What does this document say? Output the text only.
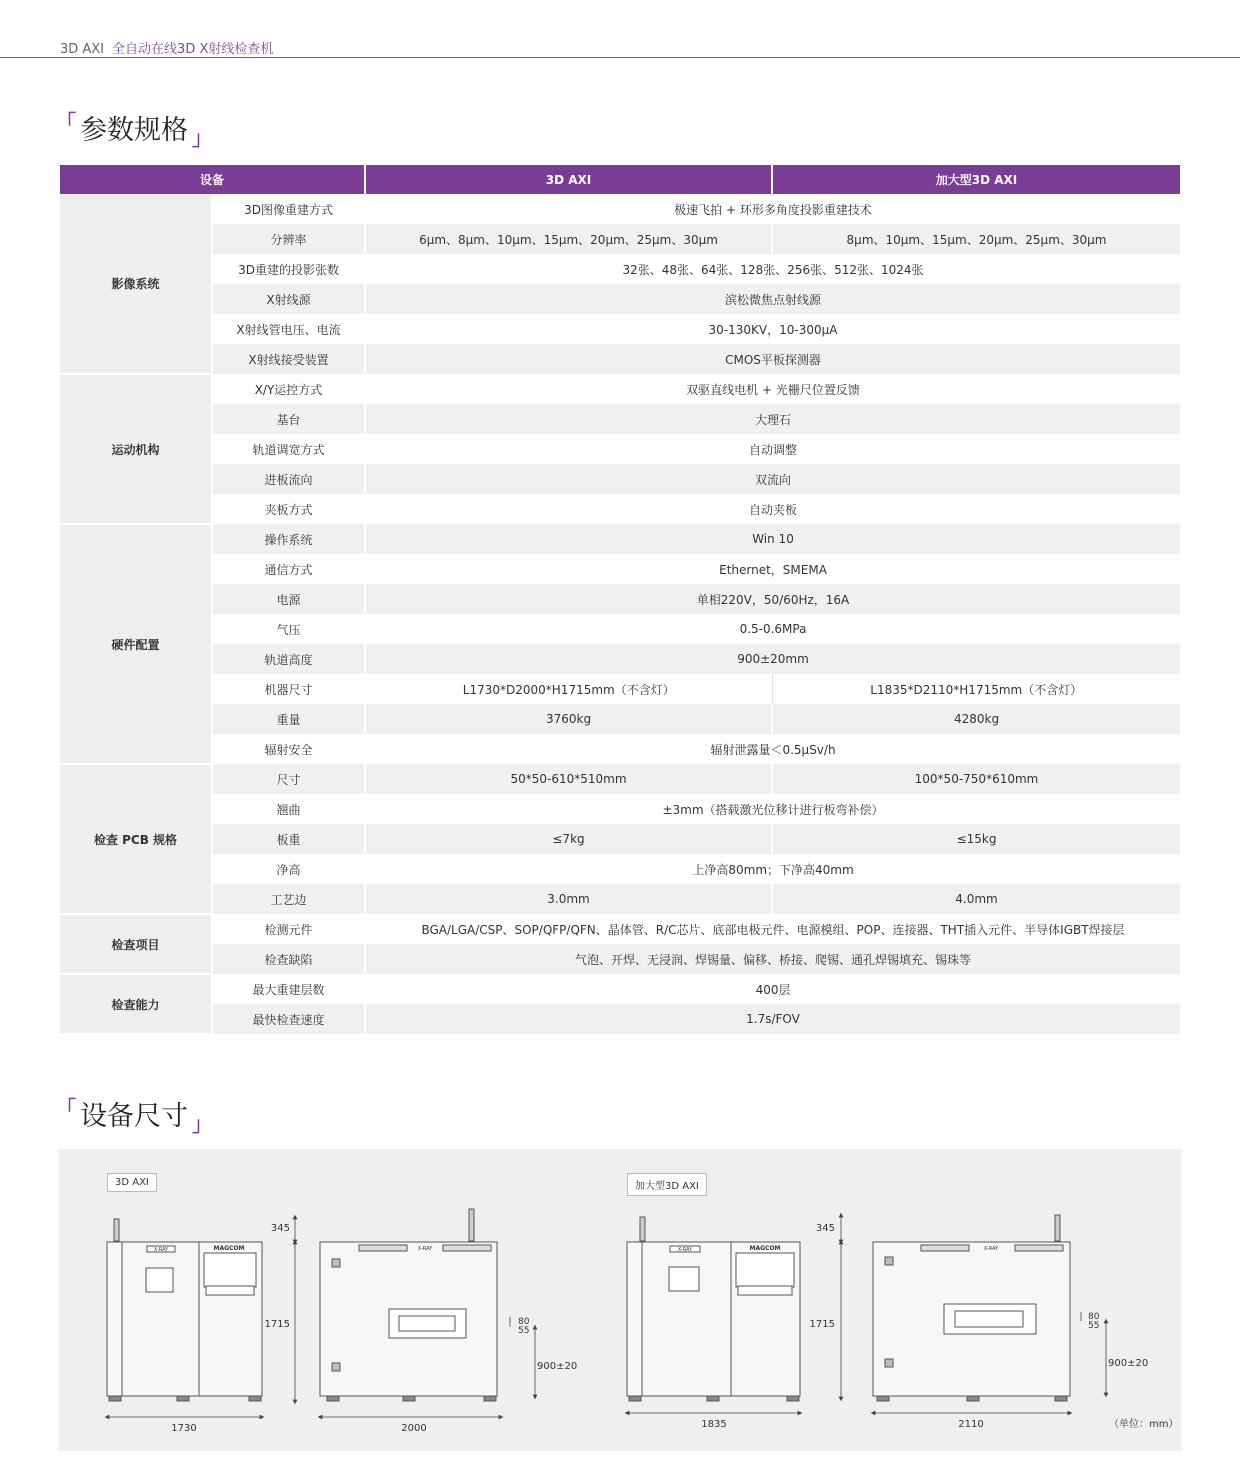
3D AXI 全自动在线3D X射线检查机
「 参数规格 」
设备		3D AXI	加大型3D AXI
影像系统	3D图像重建方式	极速飞拍 + 环形多角度投影重建技术	
	分辨率	6μm、8μm、10μm、15μm、20μm、25μm、30μm	8μm、10μm、15μm、20μm、25μm、30μm
	3D重建的投影张数	32张、48张、64张、128张、256张、512张、1024张	
	X射线源	滨松微焦点射线源	
	X射线管电压、电流	30-130KV，10-300μA	
	X射线接受装置	CMOS平板探测器	
运动机构	X/Y运控方式	双驱直线电机 + 光栅尺位置反馈	
	基台	大理石	
	轨道调宽方式	自动调整	
	进板流向	双流向	
	夹板方式	自动夹板	
硬件配置	操作系统	Win 10	
	通信方式	Ethernet，SMEMA	
	电源	单相220V，50/60Hz，16A	
	气压	0.5-0.6MPa	
	轨道高度	900±20mm	
	机器尺寸	L1730*D2000*H1715mm（不含灯）	L1835*D2110*H1715mm（不含灯）
	重量	3760kg	4280kg
	辐射安全	辐射泄露量＜0.5μSv/h	
检查 PCB 规格	尺寸	50*50-610*510mm	100*50-750*610mm
	翘曲	±3mm（搭载激光位移计进行板弯补偿）	
	板重	≤7kg	≤15kg
	净高	上净高80mm；下净高40mm	
	工艺边	3.0mm	4.0mm
检查项目	检测元件	BGA/LGA/CSP、SOP/QFP/QFN、晶体管、R/C芯片、底部电极元件、电源模组、POP、连接器、THT插入元件、半导体IGBT焊接层	
	检查缺陷	气泡、开焊、无浸润、焊锡量、偏移、桥接、爬锡、通孔焊锡填充、锡珠等	
检查能力	最大重建层数	400层	
	最快检查速度	1.7s/FOV	
「 设备尺寸 」
3D AXI	加大型3D AXI
（单位：mm）
X-RAY	MAGCOM	X-RAY
1730	2000
345
1715
900±20
80
55
X-RAY	MAGCOM	X-RAY
1835	2110
345
1715
900±20
80
55
